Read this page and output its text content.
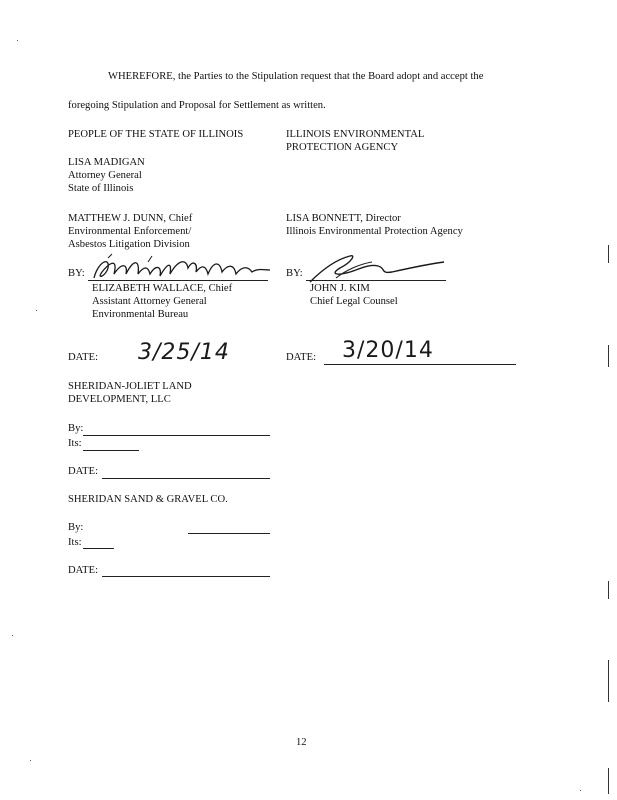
WHEREFORE, the Parties to the Stipulation request that the Board adopt and accept the
foregoing Stipulation and Proposal for Settlement as written.
PEOPLE OF THE STATE OF ILLINOIS	ILLINOIS ENVIRONMENTAL
PROTECTION AGENCY
LISA MADIGAN
Attorney General
State of Illinois
MATTHEW J. DUNN, Chief
Environmental Enforcement/
Asbestos Litigation Division
LISA BONNETT, Director
Illinois Environmental Protection Agency
BY:	BY:
ELIZABETH WALLACE, Chief
Assistant Attorney General
Environmental Bureau
JOHN J. KIM
Chief Legal Counsel
DATE: 3/25/14	DATE: 3/20/14
SHERIDAN-JOLIET LAND
DEVELOPMENT, LLC
By:
Its:
DATE:
SHERIDAN SAND & GRAVEL CO.
By:
Its:
DATE:
12
